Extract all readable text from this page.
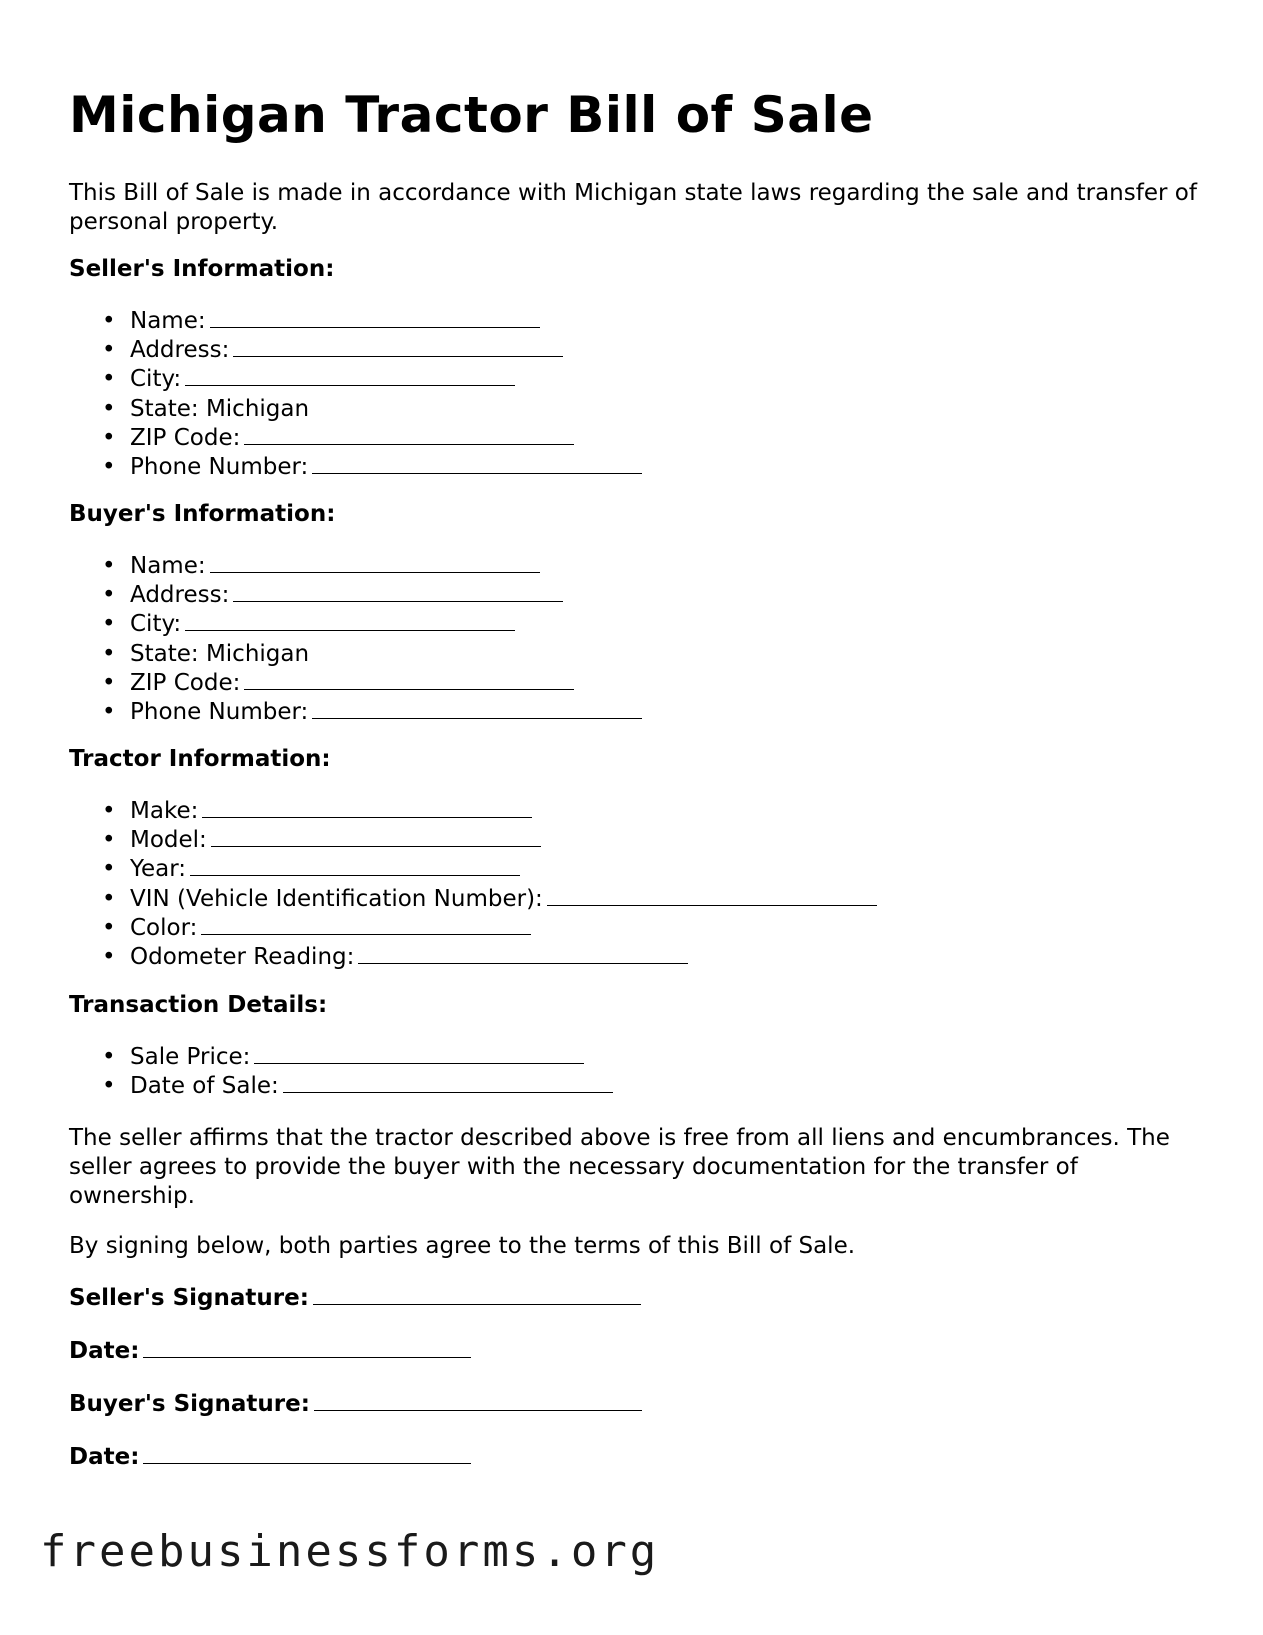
Michigan Tractor Bill of Sale

This Bill of Sale is made in accordance with Michigan state laws regarding the sale and transfer of personal property.

Seller's Information:

• Name:
• Address:
• City:
• State: Michigan
• ZIP Code:
• Phone Number:

Buyer's Information:

• Name:
• Address:
• City:
• State: Michigan
• ZIP Code:
• Phone Number:

Tractor Information:

• Make:
• Model:
• Year:
• VIN (Vehicle Identification Number):
• Color:
• Odometer Reading:

Transaction Details:

• Sale Price:
• Date of Sale:

The seller affirms that the tractor described above is free from all liens and encumbrances. The seller agrees to provide the buyer with the necessary documentation for the transfer of ownership.

By signing below, both parties agree to the terms of this Bill of Sale.

Seller's Signature:

Date:

Buyer's Signature:

Date:

freebusinessforms.org
